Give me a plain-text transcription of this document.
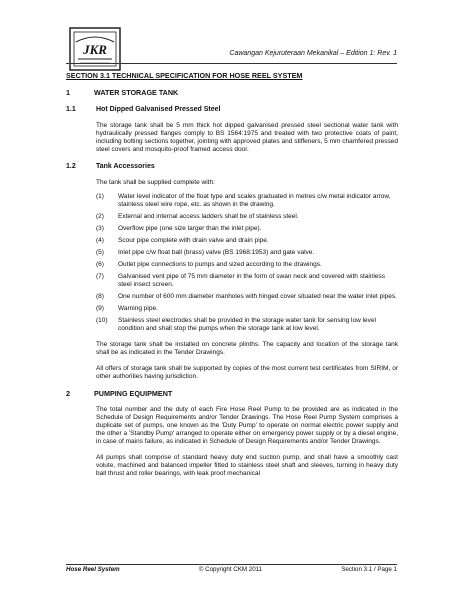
JKR	Cawangan Kejuruteraan Mekanikal – Edition 1: Rev. 1
SECTION 3.1 TECHNICAL SPECIFICATION FOR HOSE REEL SYSTEM
1	WATER STORAGE TANK
1.1	Hot Dipped Galvanised Pressed Steel
The storage tank shall be 5 mm thick hot dipped galvanised pressed steel sectional water tank with hydraulically pressed flanges comply to BS 1564:1975 and treated with two protective coats of paint, including bolting sections together, jointing with approved plates and stiffeners, 5 mm chamfered pressed steel covers and mosquito-proof framed access door.
1.2	Tank Accessories
The tank shall be supplied complete with:
(1)	Water level indicator of the float type and scales graduated in metres c/w metal indicator arrow, stainless steel wire rope, etc. as shown in the drawing.
(2)	External and internal access ladders shall be of stainless steel.
(3)	Overflow pipe (one size larger than the inlet pipe).
(4)	Scour pipe complete with drain valve and drain pipe.
(5)	Inlet pipe c/w float ball (brass) valve (BS 1968:1953) and gate valve.
(6)	Outlet pipe connections to pumps and sized according to the drawings.
(7)	Galvanised vent pipe of 75 mm diameter in the form of swan neck and covered with stainless steel insect screen.
(8)	One number of 600 mm diameter manholes with hinged cover situated near the water inlet pipes.
(9)	Warning pipe.
(10)	Stainless steel electrodes shall be provided in the storage water tank for sensing low level condition and shall stop the pumps when the storage tank at low level.
The storage tank shall be installed on concrete plinths. The capacity and location of the storage tank shall be as indicated in the Tender Drawings.
All offers of storage tank shall be supported by copies of the most current test certificates from SIRIM, or other authorities having jurisdiction.
2	PUMPING EQUIPMENT
The total number and the duty of each Fire Hose Reel Pump to be provided are as indicated in the Schedule of Design Requirements and/or Tender Drawings. The Hose Reel Pump System comprises a duplicate set of pumps, one known as the 'Duty Pump' to operate on normal electric power supply and the other a 'Standby Pump' arranged to operate either on emergency power supply or by a diesel engine, in case of mains failure, as indicated in Schedule of Design Requirements and/or Tender Drawings.
All pumps shall comprise of standard heavy duty end suction pump, and shall have a smoothly cast volute, machined and balanced impeller fitted to stainless steel shaft and sleeves, turning in heavy duty ball thrust and roller bearings, with leak proof mechanical
Hose Reel System	© Copyright CKM 2011	Section 3.1 / Page 1
